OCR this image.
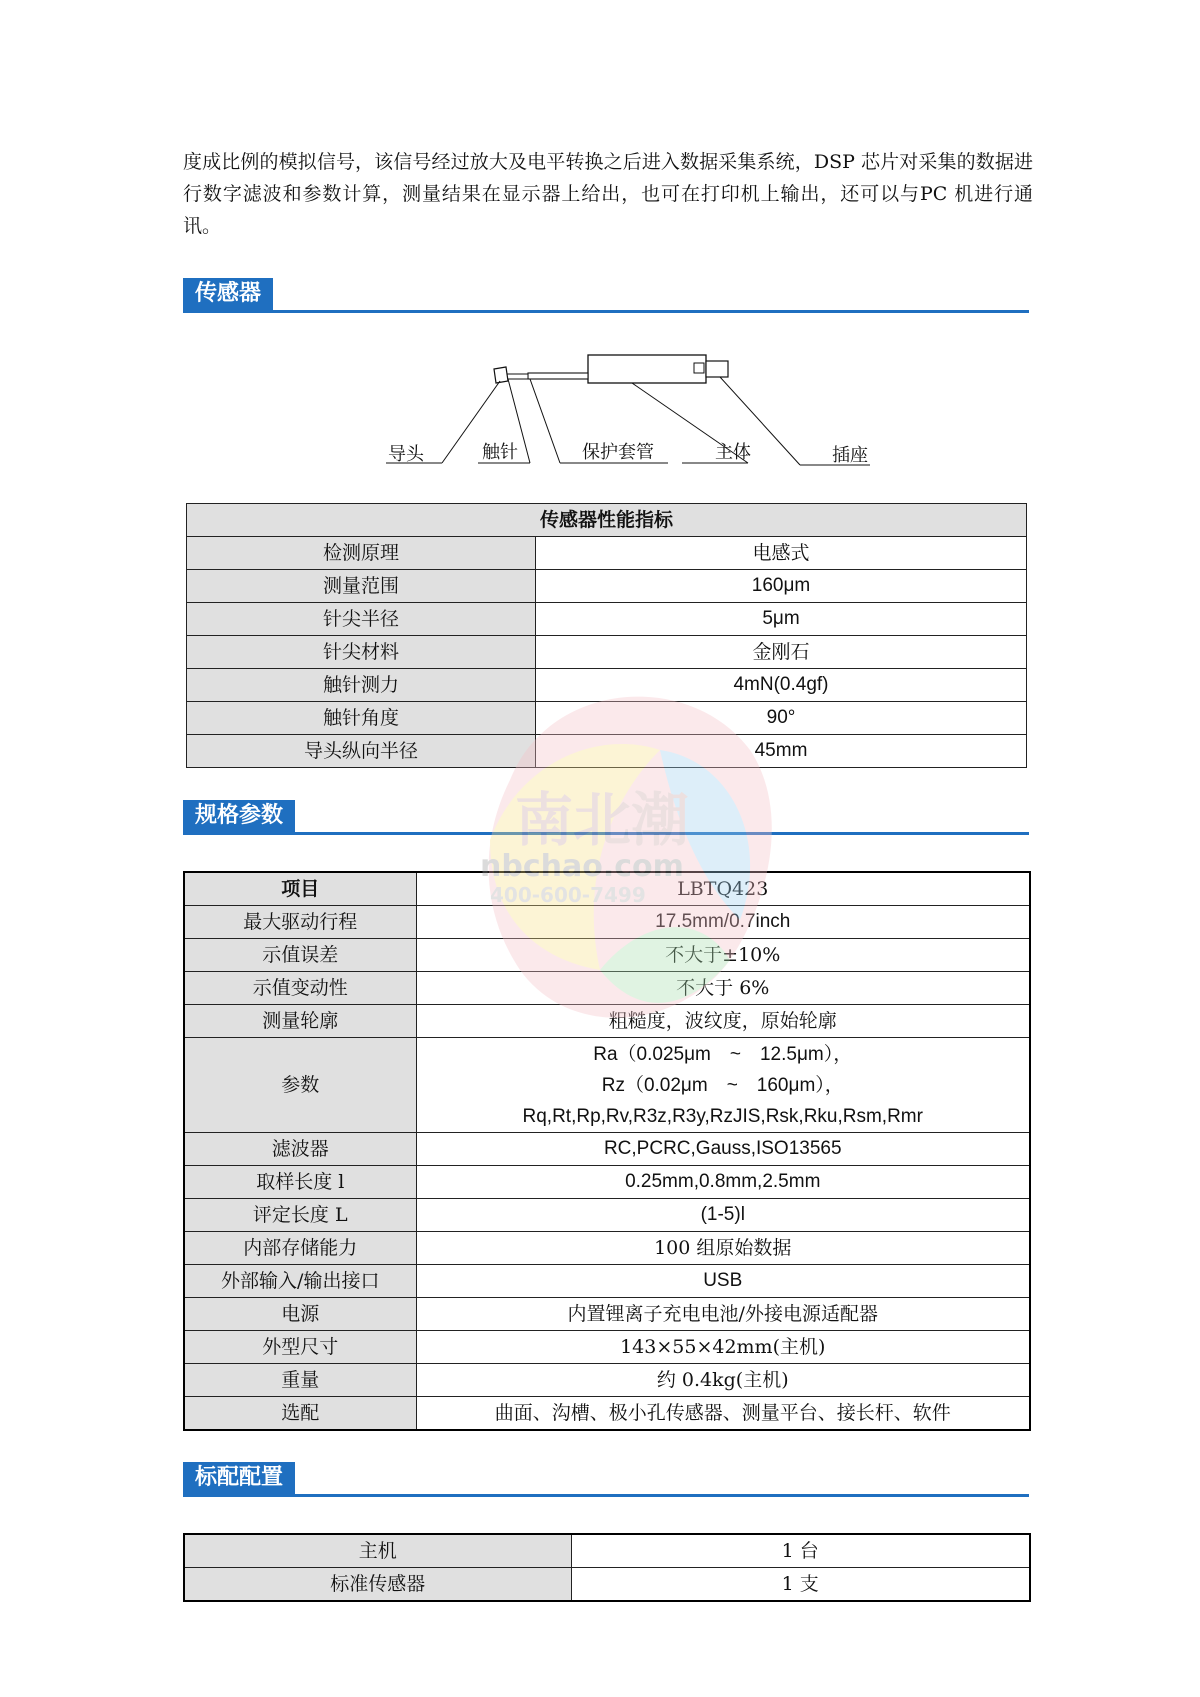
度成比例的模拟信号，该信号经过放大及电平转换之后进入数据采集系统，DSP 芯片对采集的数据进行数字滤波和参数计算，测量结果在显示器上给出，也可在打印机上输出，还可以与PC 机进行通讯。

传感器
导头	触针	保护套管	主体	插座
传感器性能指标	
检测原理	电感式
测量范围	160μm
针尖半径	5μm
针尖材料	金刚石
触针测力	4mN(0.4gf)
触针角度	90°
导头纵向半径	45mm
规格参数
项目	LBTQ423
最大驱动行程	17.5mm/0.7inch
示值误差	不大于±10%
示值变动性	不大于 6%
测量轮廓	粗糙度，波纹度，原始轮廓
参数	Ra（0.025μm　~　12.5μm），
Rz（0.02μm　~　160μm），
Rq,Rt,Rp,Rv,R3z,R3y,RzJIS,Rsk,Rku,Rsm,Rmr

滤波器	RC,PCRC,Gauss,ISO13565
取样长度 l	0.25mm,0.8mm,2.5mm
评定长度 L	(1-5)l
内部存储能力	100 组原始数据
外部输入/输出接口	USB
电源	内置锂离子充电电池/外接电源适配器
外型尺寸	143×55×42mm(主机)
重量	约 0.4kg(主机)
选配	曲面、沟槽、极小孔传感器、测量平台、接长杆、软件
标配配置
主机	1 台
标准传感器	1 支
南北潮
nbchao.com
400-600-7499
